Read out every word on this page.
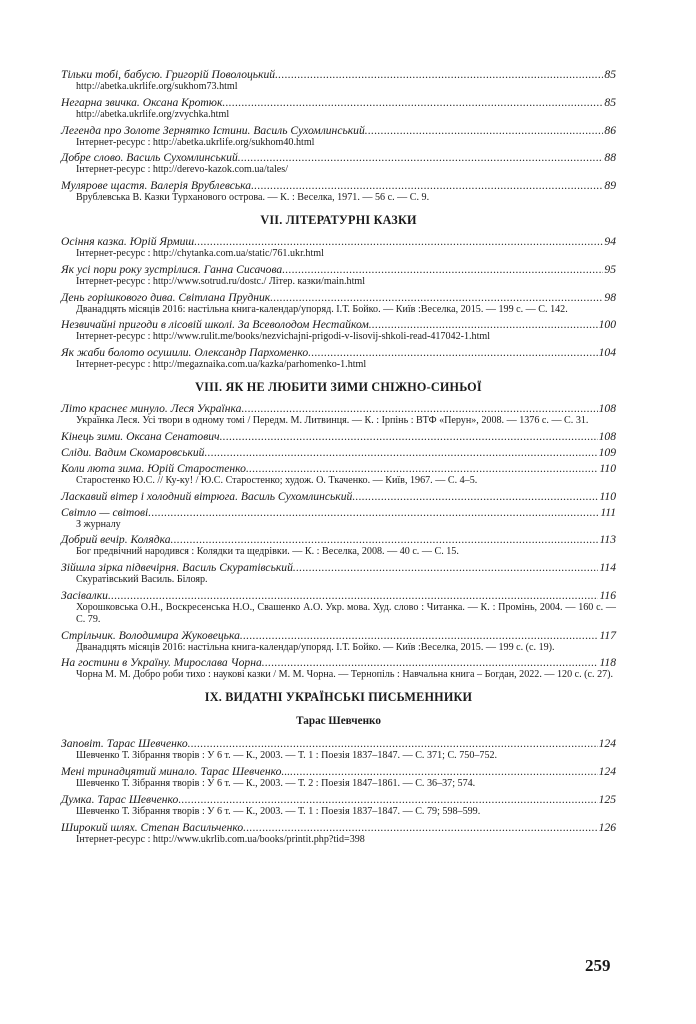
Тільки тобі, бабусю. Григорій Поволоцький .....	85
http://abetka.ukrlife.org/sukhom73.html
Негарна звичка. Оксана Кротюк .....	85
http://abetka.ukrlife.org/zvychka.html
Легенда про Золоте Зернятко Істини. Василь Сухомлинський .....	86
Інтернет-ресурс : http://abetka.ukrlife.org/sukhom40.html
Добре слово. Василь Сухомлинський .....	88
Інтернет-ресурс : http://derevo-kazok.com.ua/tales/
Мулярове щастя. Валерія Врублевська .....	89
Врублевська В. Казки Турханового острова. — К. : Веселка, 1971. — 56 с. — С. 9.
VІІ. ЛІТЕРАТУРНІ КАЗКИ
Осіння казка. Юрій Ярмиш .....	94
Інтернет-ресурс : http://chytanka.com.ua/static/761.ukr.html
Як усі пори року зустрілися. Ганна Сисачова .....	95
Інтернет-ресурс : http://www.sotrud.ru/dostc./ Літер. казки/main.html
День горішкового дива. Світлана Прудник .....	98
Дванадцять місяців 2016: настільна книга-календар/упоряд. І.Т. Бойко. — Київ :Веселка, 2015. — 199 с. — С. 142.
Незвичайні пригоди в лісовій школі. За Всеволодом Нестайком .....	100
Інтернет-ресурс : http://www.rulit.me/books/nezvichajni-prigodi-v-lisovij-shkoli-read-417042-1.html
Як жаби болото осушили. Олександр Пархоменко .....	104
Інтернет-ресурс : http://megaznaika.com.ua/kazka/parhomenko-1.html
VІІІ. ЯК НЕ ЛЮБИТИ ЗИМИ СНІЖНО-СИНЬОЇ
Літо краснеє минуло. Леся Українка .....	108
Українка Леся. Усі твори в одному томі / Передм. М. Литвинця. — К. : Ірпінь : ВТФ «Перун», 2008. — 1376 с. — С. 31.
Кінець зими. Оксана Сенатович .....	108
Сліди. Вадим Скомаровський .....	109
Коли люта зима. Юрій Старостенко .....	110
Старостенко Ю.С. // Ку-ку! / Ю.С. Старостенко; худож. О. Ткаченко. — Київ, 1967. — С. 4–5.
Ласкавий вітер і холодний вітрюга. Василь Сухомлинський .....	110
Світло — світові .....	111
З журналу
Добрий вечір. Колядка .....	113
Бог предвічний народився : Колядки та щедрівки. — К. : Веселка, 2008. — 40 с. — С. 15.
Зійшла зірка підвечірня. Василь Скуратівський .....	114
Скуратівський Василь. Білояр.
Засівалки .....	116
Хорошковська О.Н., Воскресенська Н.О., Свашенко А.О. Укр. мова. Худ. слово : Читанка. — К. : Промінь, 2004. — 160 с. — С. 79.
Стрільчик. Володимира Жуковецька .....	117
Дванадцять місяців 2016: настільна книга-календар/упоряд. І.Т. Бойко. — Київ :Веселка, 2015. — 199 с. (с. 19).
На гостини в Україну. Мирослава Чорна .....	118
Чорна М. М. Добро роби тихо : наукові казки / М. М. Чорна. — Тернопіль : Навчальна книга – Богдан, 2022. — 120 с. (с. 27).
ІХ. ВИДАТНІ УКРАЇНСЬКІ ПИСЬМЕННИКИ
Тарас Шевченко
Заповіт. Тарас Шевченко .....	124
Шевченко Т. Зібрання творів : У 6 т. — К., 2003. — Т. 1 : Поезія 1837–1847. — С. 371; С. 750–752.
Мені тринадцятий минало. Тарас Шевченко... .....	124
Шевченко Т. Зібрання творів : У 6 т. — К., 2003. — Т. 2 : Поезія 1847–1861. — С. 36–37; 574.
Думка. Тарас Шевченко .....	125
Шевченко Т. Зібрання творів : У 6 т. — К., 2003. — Т. 1 : Поезія 1837–1847. — С. 79; 598–599.
Широкий шлях. Степан Васильченко .....	126
Інтернет-ресурс : http://www.ukrlib.com.ua/books/printit.php?tid=398
259
